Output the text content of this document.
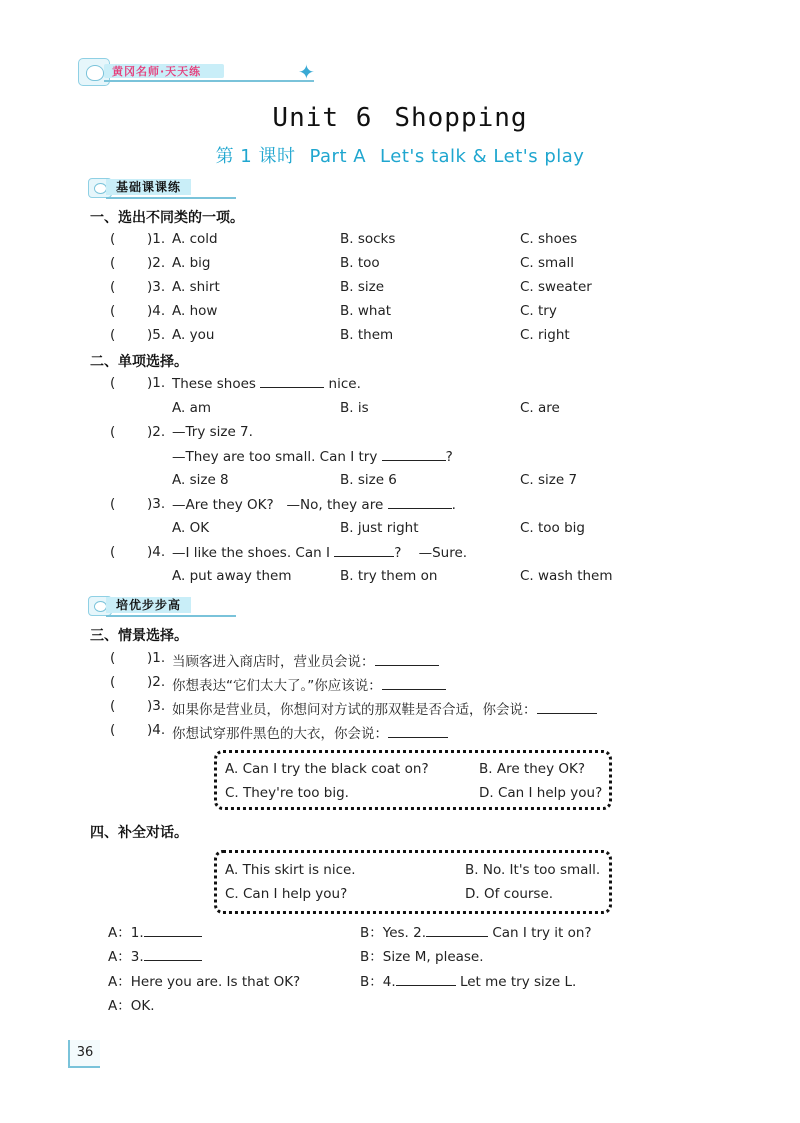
黄冈名师·天天练	✦
Unit 6 Shopping
第 1 课时 Part A Let's talk & Let's play
基础课课练
一、选出不同类的一项。
( )1. A. cold	B. socks	C. shoes
( )2. A. big	B. too	C. small
( )3. A. shirt	B. size	C. sweater
( )4. A. how	B. what	C. try
( )5. A. you	B. them	C. right
二、单项选择。
( )1. These shoes	nice.
A. am	B. is	C. are
( )2. —Try size 7.
—They are too small. Can I try	?
A. size 8	B. size 6	C. size 7
( )3. —Are they OK? —No, they are	.
A. OK	B. just right	C. too big
( )4. —I like the shoes. Can I	? —Sure.
A. put away them	B. try them on	C. wash them
培优步步高
三、情景选择。
( )1. 当顾客进入商店时，营业员会说：
( )2. 你想表达“它们太大了。”你应该说：
( )3. 如果你是营业员，你想问对方试的那双鞋是否合适，你会说：
( )4. 你想试穿那件黑色的大衣，你会说：
A. Can I try the black coat on?	B. Are they OK?
C. They're too big.	D. Can I help you?
四、补全对话。
A. This skirt is nice.	B. No. It's too small.
C. Can I help you?	D. Of course.
A：1.	B：Yes. 2.	Can I try it on?
A：3.	B：Size M, please.
A：Here you are. Is that OK?	B：4.	Let me try size L.
A：OK.
36
